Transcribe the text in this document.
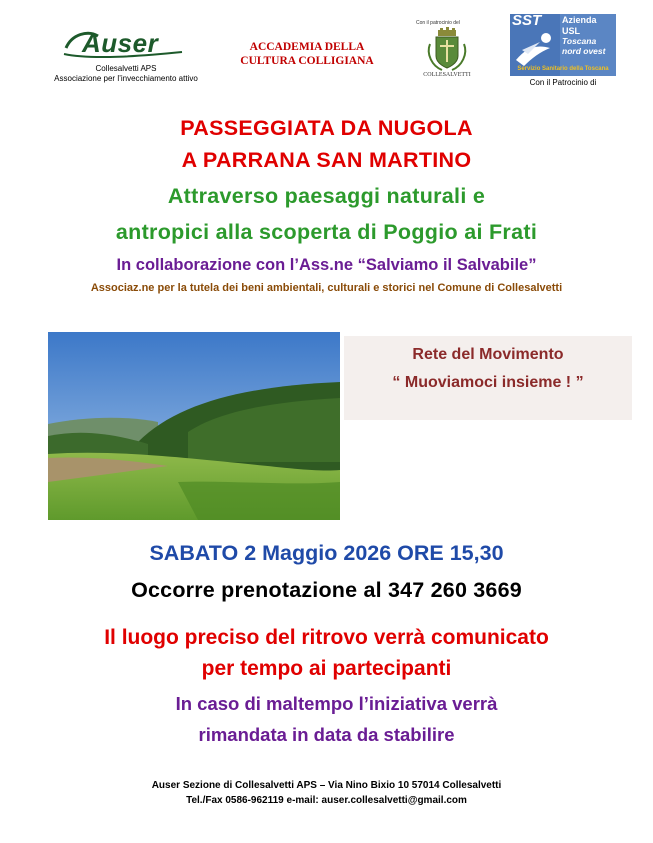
Auser
Collesalvetti APS
Associazione per l’invecchiamento attivo
ACCADEMIA DELLA
CULTURA COLLIGIANA
Con il patrocinio del
COLLESALVETTI
SST Azienda
USL
Toscana
nord ovest
Servizio Sanitario della Toscana
Con il Patrocinio di
PASSEGGIATA DA NUGOLA
A PARRANA SAN MARTINO
Attraverso paesaggi naturali e
antropici alla scoperta di Poggio ai Frati
In collaborazione con l’Ass.ne “Salviamo il Salvabile”
Associaz.ne per la tutela dei beni ambientali, culturali e storici nel Comune di Collesalvetti
Rete del Movimento
“ Muoviamoci insieme ! ”
SABATO 2 Maggio 2026 ORE 15,30
Occorre prenotazione al 347 260 3669
Il luogo preciso del ritrovo verrà comunicato
per tempo ai partecipanti
In caso di maltempo l’iniziativa verrà
rimandata in data da stabilire
Auser Sezione di Collesalvetti APS – Via Nino Bixio 10 57014 Collesalvetti
Tel./Fax 0586-962119 e-mail: auser.collesalvetti@gmail.com
